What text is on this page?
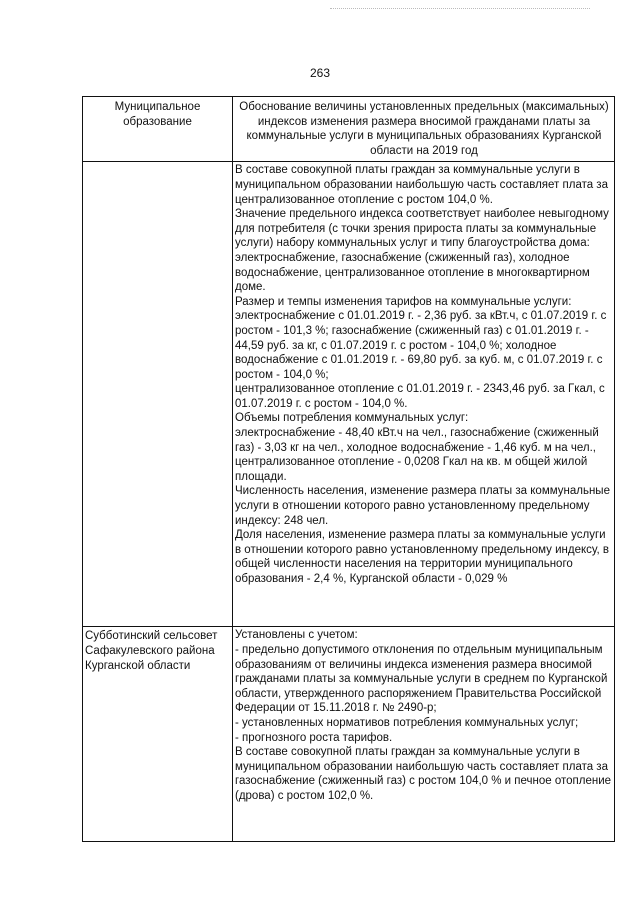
263
Муниципальное образование
Обоснование величины установленных предельных (максимальных) индексов изменения размера вносимой гражданами платы за коммунальные услуги в муниципальных образованиях Курганской области на 2019 год

В составе совокупной платы граждан за коммунальные услуги в муниципальном образовании наибольшую часть составляет плата за централизованное отопление с ростом 104,0 %.

Значение предельного индекса соответствует наиболее невыгодному для потребителя (с точки зрения прироста платы за коммунальные услуги) набору коммунальных услуг и типу благоустройства дома:

электроснабжение, газоснабжение (сжиженный газ), холодное водоснабжение, централизованное отопление в многоквартирном доме.

Размер и темпы изменения тарифов на коммунальные услуги:

электроснабжение с 01.01.2019 г. - 2,36 руб. за кВт.ч, с 01.07.2019 г. с ростом - 101,3 %; газоснабжение (сжиженный газ) с 01.01.2019 г. - 44,59 руб. за кг, с 01.07.2019 г. с ростом - 104,0 %; холодное водоснабжение с 01.01.2019 г. - 69,80 руб. за куб. м, с 01.07.2019 г. с ростом - 104,0 %;

централизованное отопление с 01.01.2019 г. - 2343,46 руб. за Гкал, с 01.07.2019 г. с ростом - 104,0 %.

Объемы потребления коммунальных услуг:

электроснабжение - 48,40 кВт.ч на чел., газоснабжение (сжиженный газ) - 3,03 кг на чел., холодное водоснабжение - 1,46 куб. м на чел., централизованное отопление - 0,0208 Гкал на кв. м общей жилой площади.

Численность населения, изменение размера платы за коммунальные услуги в отношении которого равно установленному предельному индексу: 248 чел.

Доля населения, изменение размера платы за коммунальные услуги в отношении которого равно установленному предельному индексу, в общей численности населения на территории муниципального образования - 2,4 %, Курганской области - 0,029 %

Субботинский сельсовет Сафакулевского района Курганской области

Установлены с учетом:

- предельно допустимого отклонения по отдельным муниципальным образованиям от величины индекса изменения размера вносимой гражданами платы за коммунальные услуги в среднем по Курганской области, утвержденного распоряжением Правительства Российской Федерации от 15.11.2018 г. № 2490-р;

- установленных нормативов потребления коммунальных услуг;

- прогнозного роста тарифов.

В составе совокупной платы граждан за коммунальные услуги в муниципальном образовании наибольшую часть составляет плата за газоснабжение (сжиженный газ) с ростом 104,0 % и печное отопление (дрова) с ростом 102,0 %.
